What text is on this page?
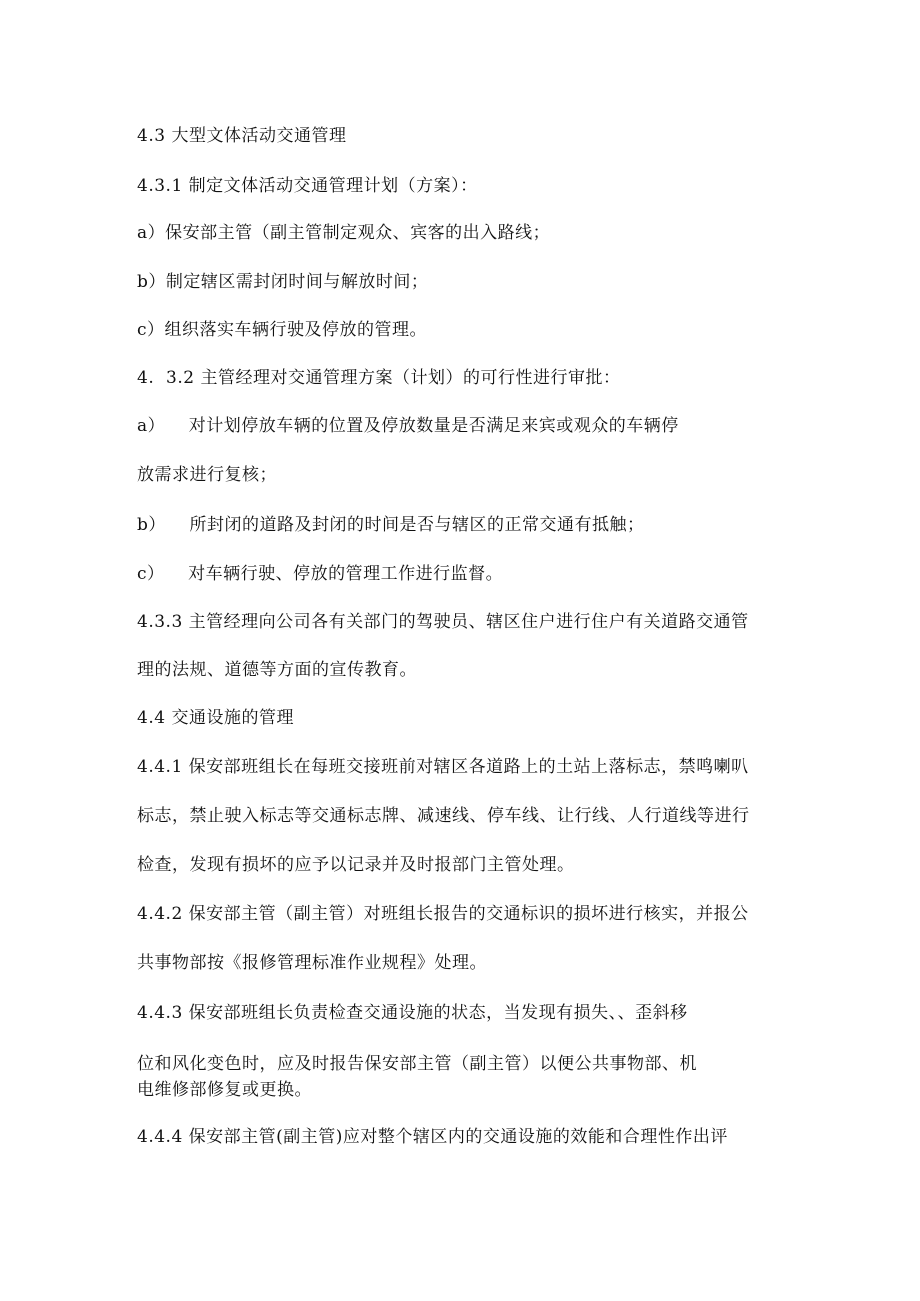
4.3 大型文体活动交通管理
4.3.1 制定文体活动交通管理计划（方案）：
a）保安部主管（副主管制定观众、宾客的出入路线；
b）制定辖区需封闭时间与解放时间；
c）组织落实车辆行驶及停放的管理。
4.  3.2 主管经理对交通管理方案（计划）的可行性进行审批：
a）    对计划停放车辆的位置及停放数量是否满足来宾或观众的车辆停
放需求进行复核；
b）    所封闭的道路及封闭的时间是否与辖区的正常交通有抵触；
c）    对车辆行驶、停放的管理工作进行监督。
4.3.3 主管经理向公司各有关部门的驾驶员、辖区住户进行住户有关道路交通管
理的法规、道德等方面的宣传教育。
4.4 交通设施的管理
4.4.1 保安部班组长在每班交接班前对辖区各道路上的土站上落标志，禁鸣喇叭
标志，禁止驶入标志等交通标志牌、减速线、停车线、让行线、人行道线等进行
检查，发现有损坏的应予以记录并及时报部门主管处理。
4.4.2 保安部主管（副主管）对班组长报告的交通标识的损坏进行核实，并报公
共事物部按《报修管理标准作业规程》处理。
4.4.3 保安部班组长负责检查交通设施的状态，当发现有损失、、歪斜移
位和风化变色时，应及时报告保安部主管（副主管）以便公共事物部、机
电维修部修复或更换。
4.4.4 保安部主管(副主管)应对整个辖区内的交通设施的效能和合理性作出评
